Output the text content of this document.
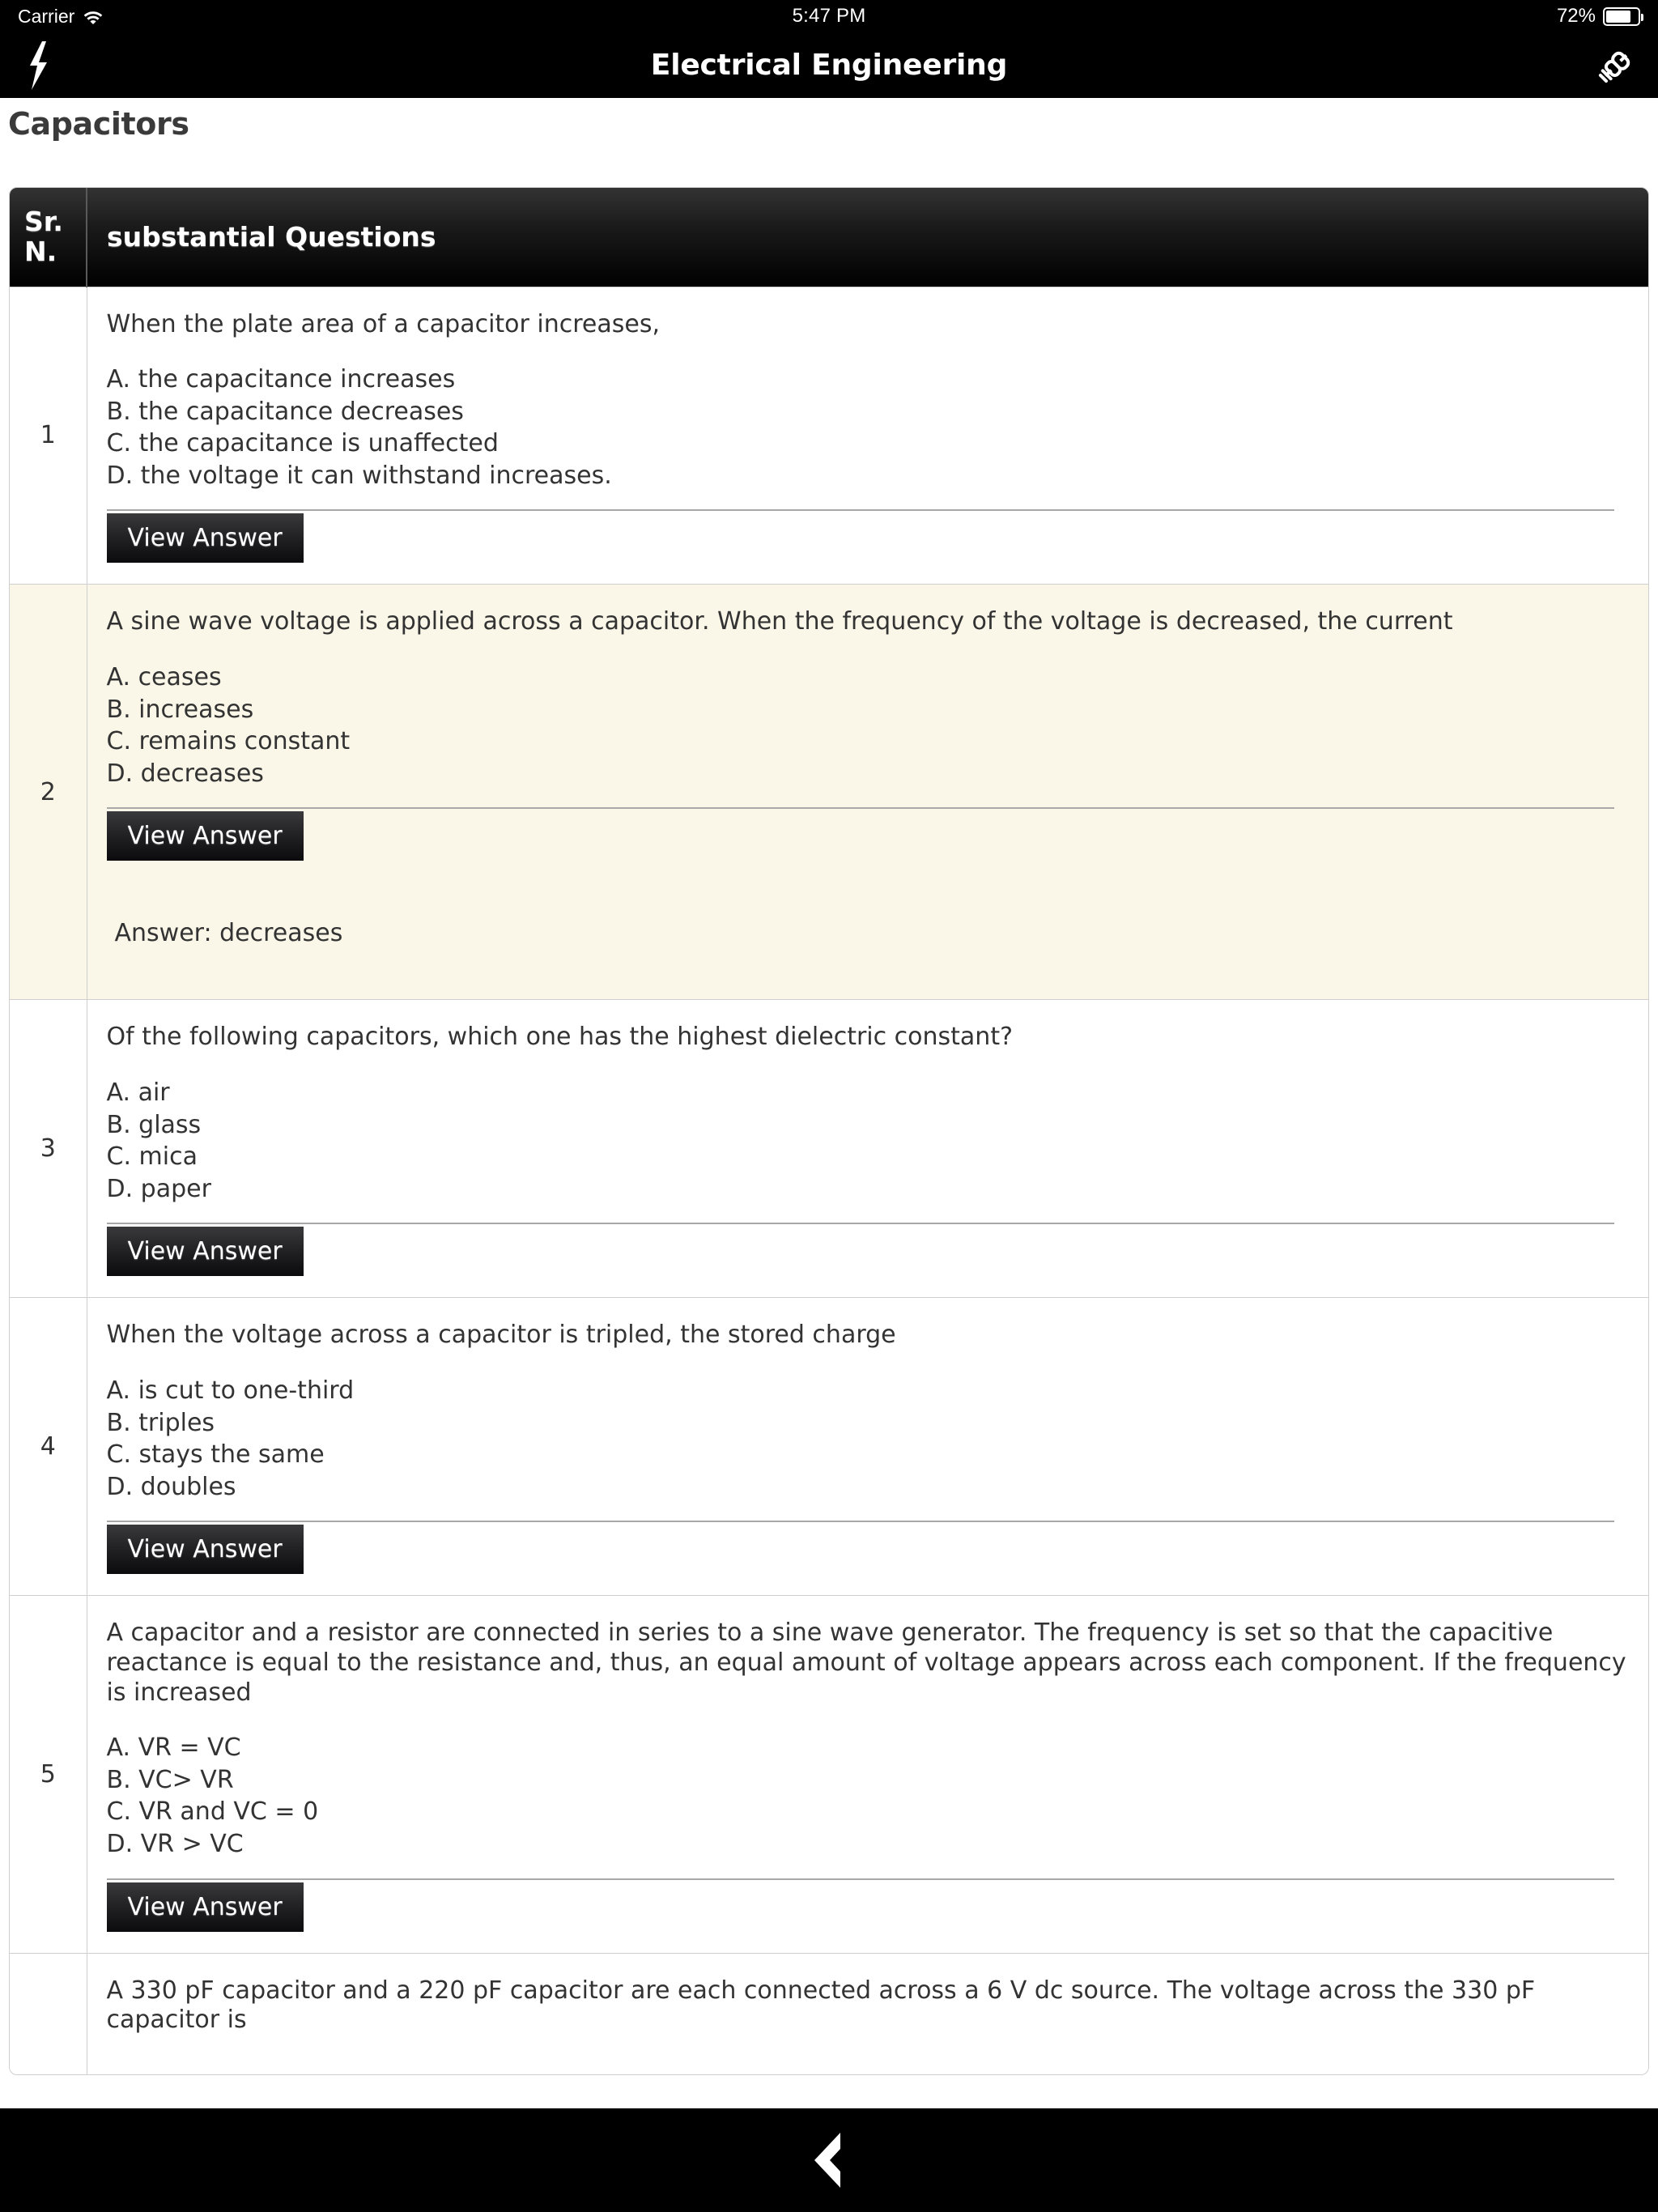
Carrier	5:47 PM	72%
Electrical Engineering
Capacitors
Sr. N.	substantial Questions
1	
When the plate area of a capacitor increases,
A. the capacitance increases
B. the capacitance decreases
C. the capacitance is unaffected
D. the voltage it can withstand increases.
View Answer

2	
A sine wave voltage is applied across a capacitor. When the frequency of the voltage is decreased, the current
A. ceases
B. increases
C. remains constant
D. decreases
View Answer
Answer: decreases

3	
Of the following capacitors, which one has the highest dielectric constant?
A. air
B. glass
C. mica
D. paper
View Answer

4	
When the voltage across a capacitor is tripled, the stored charge
A. is cut to one-third
B. triples
C. stays the same
D. doubles
View Answer

5	
A capacitor and a resistor are connected in series to a sine wave generator. The frequency is set so that the capacitive reactance is equal to the resistance and, thus, an equal amount of voltage appears across each component. If the frequency is increased
A. VR = VC
B. VC> VR
C. VR and VC = 0
D. VR > VC
View Answer

	A 330 pF capacitor and a 220 pF capacitor are each connected across a 6 V dc source. The voltage across the 330 pF capacitor is
